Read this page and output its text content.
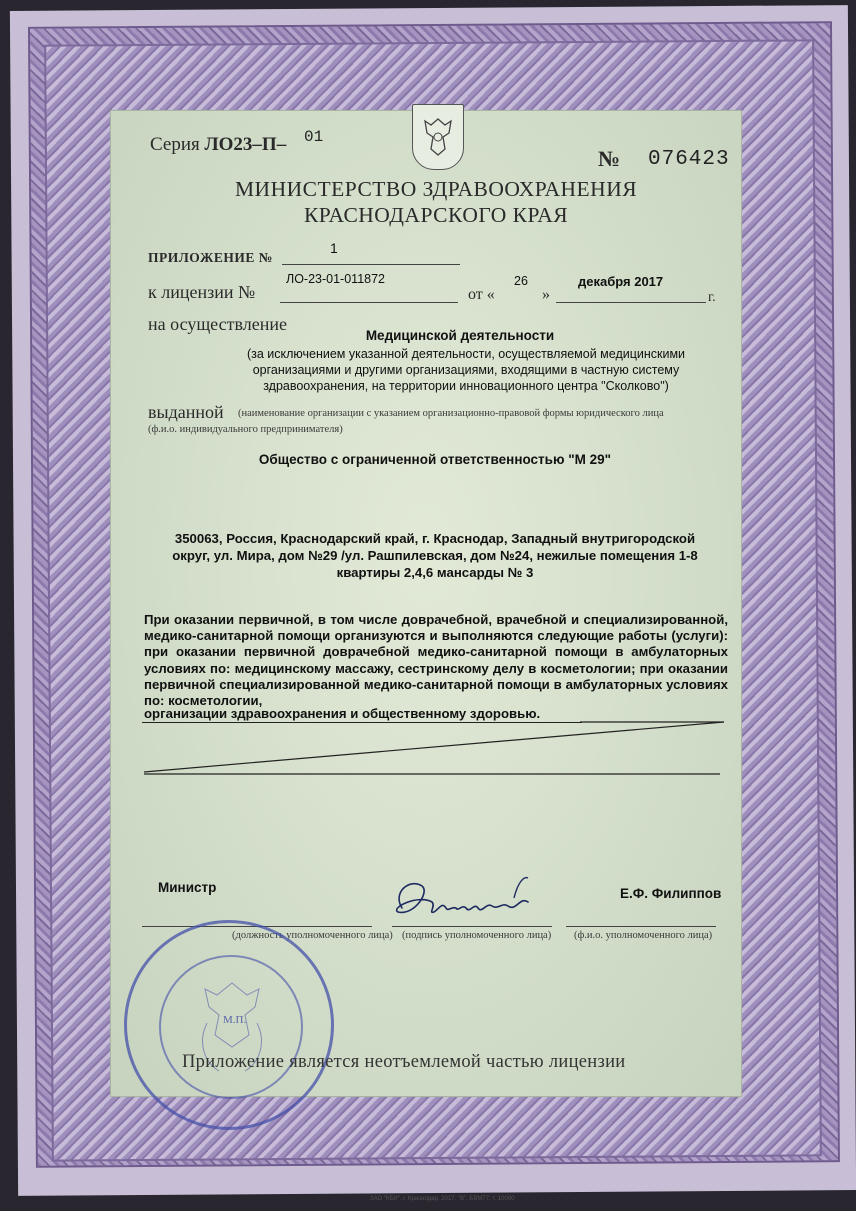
Серия ЛО23–П– 01
№ 076423
МИНИСТЕРСТВО ЗДРАВООХРАНЕНИЯ
КРАСНОДАРСКОГО КРАЯ
ПРИЛОЖЕНИЕ №
1
к лицензии №
ЛО-23-01-011872
от «
26
»
декабря 2017
г.
на осуществление
Медицинской деятельности
(за исключением указанной деятельности, осуществляемой медицинскими организациями и другими организациями, входящими в частную систему здравоохранения, на территории инновационного центра "Сколково")
выданной (наименование организации с указанием организационно-правовой формы юридического лица
(ф.и.о. индивидуального предпринимателя)
Общество с ограниченной ответственностью "М 29"
350063, Россия, Краснодарский край, г. Краснодар, Западный внутригородской
округ, ул. Мира, дом №29 /ул. Рашпилевская, дом №24, нежилые помещения 1-8
квартиры 2,4,6 мансарды № 3
При оказании первичной, в том числе доврачебной, врачебной и специализированной, медико-санитарной помощи организуются и выполняются следующие работы (услуги): при оказании первичной доврачебной медико-санитарной помощи в амбулаторных условиях по: медицинскому массажу, сестринскому делу в косметологии; при оказании первичной специализированной медико-санитарной помощи в амбулаторных условиях по: косметологии,
организации здравоохранения и общественному здоровью.
Министр	Е.Ф. Филиппов
(должность уполномоченного лица) (подпись уполномоченного лица) (ф.и.о. уполномоченного лица)
М.П.
Приложение является неотъемлемой частью лицензии
ЗАО "КБИ", г. Краснодар, 2017, "В", БВМ77, т. 10000
